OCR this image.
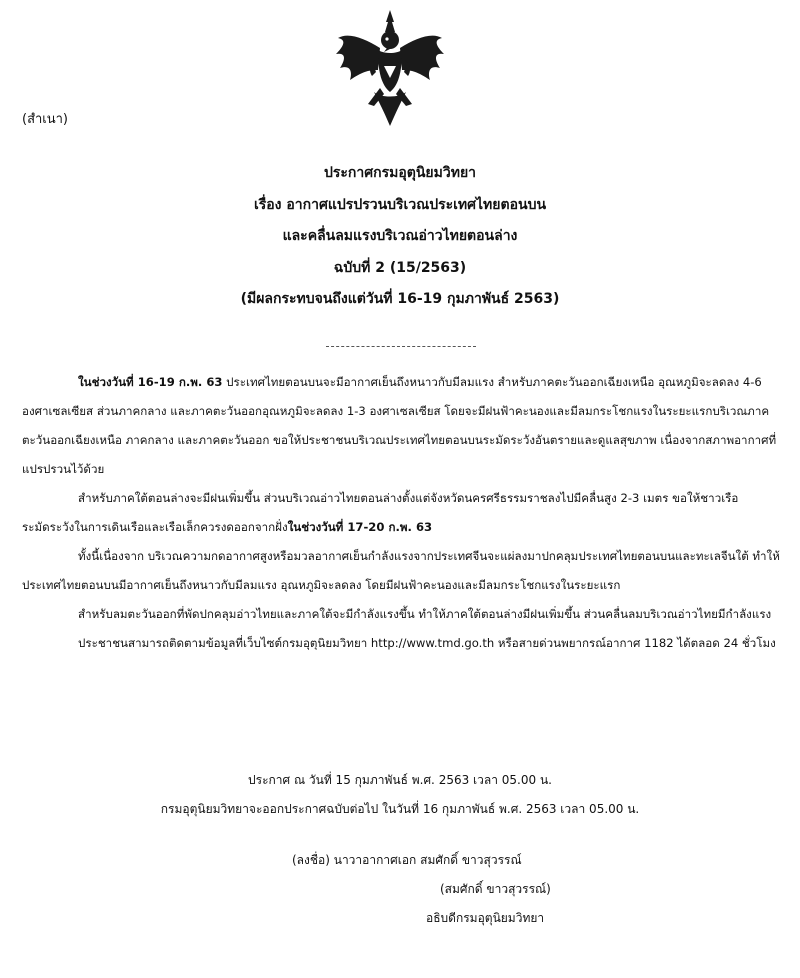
(สำเนา)
ประกาศกรมอุตุนิยมวิทยา
เรื่อง อากาศแปรปรวนบริเวณประเทศไทยตอนบน
และคลื่นลมแรงบริเวณอ่าวไทยตอนล่าง
ฉบับที่ 2 (15/2563)
(มีผลกระทบจนถึงแต่วันที่ 16-19 กุมภาพันธ์ 2563)

ในช่วงวันที่ 16-19 ก.พ. 63 ประเทศไทยตอนบนจะมีอากาศเย็นถึงหนาวกับมีลมแรง สำหรับภาคตะวันออกเฉียงเหนือ อุณหภูมิจะลดลง 4-6 องศาเซลเซียส ส่วนภาคกลาง และภาคตะวันออกอุณหภูมิจะลดลง 1-3 องศาเซลเซียส โดยจะมีฝนฟ้าคะนองและมีลมกระโชกแรงในระยะแรกบริเวณภาคตะวันออกเฉียงเหนือ ภาคกลาง และภาคตะวันออก ขอให้ประชาชนบริเวณประเทศไทยตอนบนระมัดระวังอันตรายและดูแลสุขภาพ เนื่องจากสภาพอากาศที่แปรปรวนไว้ด้วย

สำหรับภาคใต้ตอนล่างจะมีฝนเพิ่มขึ้น ส่วนบริเวณอ่าวไทยตอนล่างตั้งแต่จังหวัดนครศรีธรรมราชลงไปมีคลื่นสูง 2-3 เมตร ขอให้ชาวเรือระมัดระวังในการเดินเรือและเรือเล็กควรงดออกจากฝั่งในช่วงวันที่ 17-20 ก.พ. 63

ทั้งนี้เนื่องจาก บริเวณความกดอากาศสูงหรือมวลอากาศเย็นกำลังแรงจากประเทศจีนจะแผ่ลงมาปกคลุมประเทศไทยตอนบนและทะเลจีนใต้ ทำให้ประเทศไทยตอนบนมีอากาศเย็นถึงหนาวกับมีลมแรง อุณหภูมิจะลดลง โดยมีฝนฟ้าคะนองและมีลมกระโชกแรงในระยะแรก

สำหรับลมตะวันออกที่พัดปกคลุมอ่าวไทยและภาคใต้จะมีกำลังแรงขึ้น ทำให้ภาคใต้ตอนล่างมีฝนเพิ่มขึ้น ส่วนคลื่นลมบริเวณอ่าวไทยมีกำลังแรง

ประชาชนสามารถติดตามข้อมูลที่เว็บไซต์กรมอุตุนิยมวิทยา http://www.tmd.go.th หรือสายด่วนพยากรณ์อากาศ 1182 ได้ตลอด 24 ชั่วโมง

ประกาศ ณ วันที่ 15 กุมภาพันธ์ พ.ศ. 2563 เวลา 05.00 น.
กรมอุตุนิยมวิทยาจะออกประกาศฉบับต่อไป ในวันที่ 16 กุมภาพันธ์ พ.ศ. 2563 เวลา 05.00 น.
(ลงชื่อ) นาวาอากาศเอก สมศักดิ์ ขาวสุวรรณ์
(สมศักดิ์ ขาวสุวรรณ์)
อธิบดีกรมอุตุนิยมวิทยา
